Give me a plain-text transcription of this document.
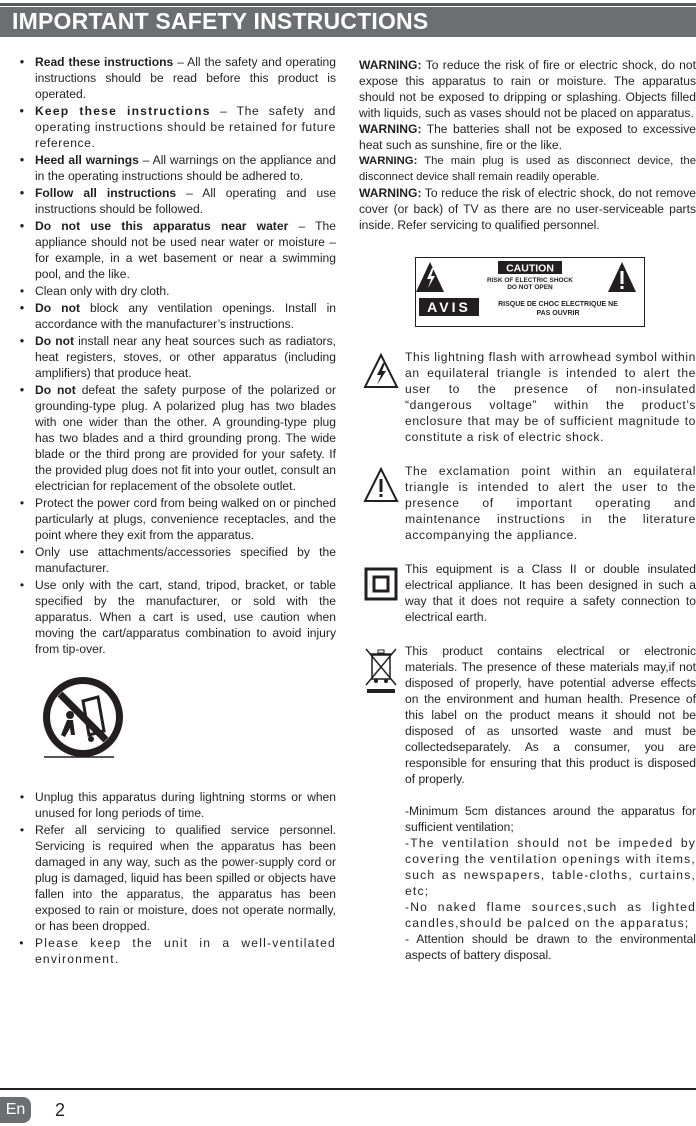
IMPORTANT SAFETY INSTRUCTIONS
• Read these instructions – All the safety and operating instructions should be read before this product is operated.
• Keep these instructions – The safety and operating instructions should be retained for future reference.
• Heed all warnings – All warnings on the appliance and in the operating instructions should be adhered to.
• Follow all instructions – All operating and use instructions should be followed.
• Do not use this apparatus near water – The appliance should not be used near water or moisture – for example, in a wet basement or near a swimming pool, and the like.
• Clean only with dry cloth.
• Do not block any ventilation openings. Install in accordance with the manufacturer’s instructions.
• Do not install near any heat sources such as radiators, heat registers, stoves, or other apparatus (including amplifiers) that produce heat.
• Do not defeat the safety purpose of the polarized or grounding-type plug. A polarized plug has two blades with one wider than the other. A grounding-type plug has two blades and a third grounding prong. The wide blade or the third prong are provided for your safety. If the provided plug does not fit into your outlet, consult an electrician for replacement of the obsolete outlet.
• Protect the power cord from being walked on or pinched particularly at plugs, convenience receptacles, and the point where they exit from the apparatus.
• Only use attachments/accessories specified by the manufacturer.
• Use only with the cart, stand, tripod, bracket, or table specified by the manufacturer, or sold with the apparatus. When a cart is used, use caution when moving the cart/apparatus combination to avoid injury from tip-over.
• Unplug this apparatus during lightning storms or when unused for long periods of time.
• Refer all servicing to qualified service personnel. Servicing is required when the apparatus has been damaged in any way, such as the power-supply cord or plug is damaged, liquid has been spilled or objects have fallen into the apparatus, the apparatus has been exposed to rain or moisture, does not operate normally, or has been dropped.
• Please keep the unit in a well-ventilated environment.

WARNING: To reduce the risk of fire or electric shock, do not expose this apparatus to rain or moisture. The apparatus should not be exposed to dripping or splashing. Objects filled with liquids, such as vases should not be placed on apparatus.

WARNING: The batteries shall not be exposed to excessive heat such as sunshine, fire or the like.

WARNING: The main plug is used as disconnect device, the disconnect device shall remain readily operable.

WARNING: To reduce the risk of electric shock, do not remove cover (or back) of TV as there are no user-serviceable parts inside. Refer servicing to qualified personnel.

CAUTION
RISK OF ELECTRIC SHOCK
DO NOT OPEN
AVIS	RISQUE DE CHOC ELECTRIQUE NE
PAS OUVRIR

This lightning flash with arrowhead symbol within an equilateral triangle is intended to alert the user to the presence of non-insulated “dangerous voltage” within the product’s enclosure that may be of sufficient magnitude to constitute a risk of electric shock.

The exclamation point within an equilateral triangle is intended to alert the user to the presence of important operating and maintenance instructions in the literature accompanying the appliance.

This equipment is a Class II or double insulated electrical appliance. It has been designed in such a way that it does not require a safety connection to electrical earth.

This product contains electrical or electronic materials. The presence of these materials may,if not disposed of properly, have potential adverse effects on the environment and human health. Presence of this label on the product means it should not be disposed of as unsorted waste and must be collectedseparately. As a consumer, you are responsible for ensuring that this product is disposed of properly.

-Minimum 5cm distances around the apparatus for sufficient ventilation;

-The ventilation should not be impeded by covering the ventilation openings with items, such as newspapers, table-cloths, curtains, etc;

-No naked flame sources,such as lighted candles,should be palced on the apparatus;

- Attention should be drawn to the environmental aspects of battery disposal.

En	2
